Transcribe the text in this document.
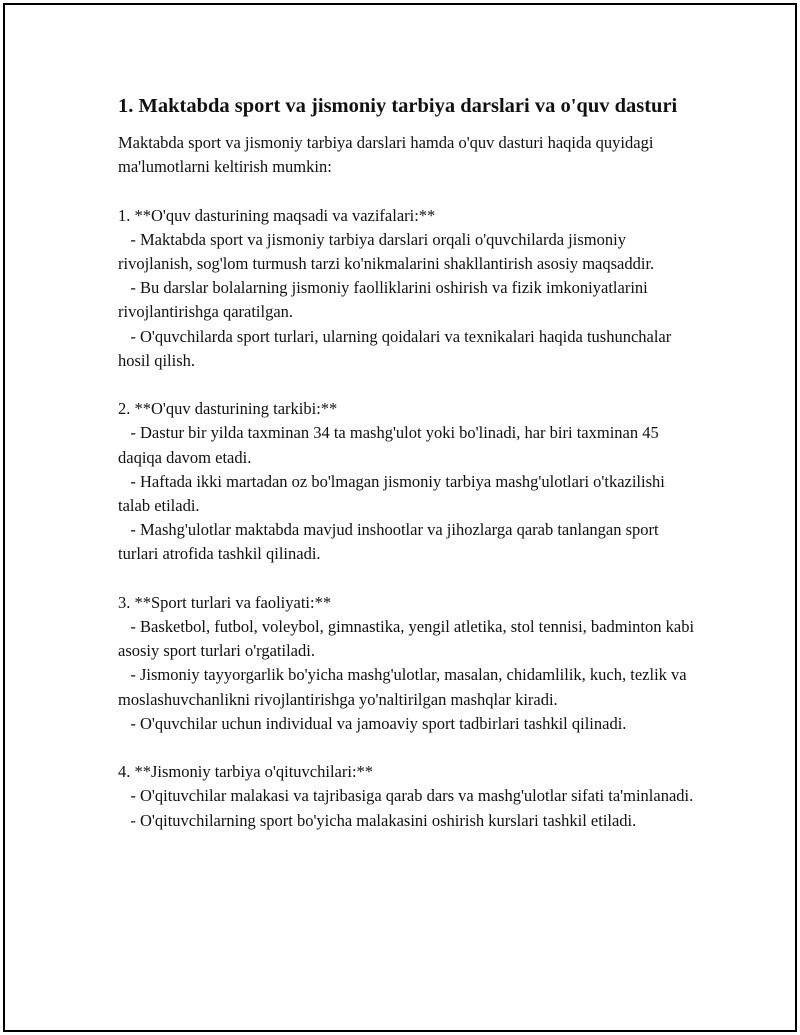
1. Maktabda sport va jismoniy tarbiya darslari va o'quv dasturi

Maktabda sport va jismoniy tarbiya darslari hamda o'quv dasturi haqida quyidagi ma'lumotlarni keltirish mumkin:

1. **O'quv dasturining maqsadi va vazifalari:**

- Maktabda sport va jismoniy tarbiya darslari orqali o'quvchilarda jismoniy rivojlanish, sog'lom turmush tarzi ko'nikmalarini shakllantirish asosiy maqsaddir.

- Bu darslar bolalarning jismoniy faolliklarini oshirish va fizik imkoniyatlarini rivojlantirishga qaratilgan.

- O'quvchilarda sport turlari, ularning qoidalari va texnikalari haqida tushunchalar hosil qilish.

2. **O'quv dasturining tarkibi:**

- Dastur bir yilda taxminan 34 ta mashg'ulot yoki bo'linadi, har biri taxminan 45 daqiqa davom etadi.

- Haftada ikki martadan oz bo'lmagan jismoniy tarbiya mashg'ulotlari o'tkazilishi talab etiladi.

- Mashg'ulotlar maktabda mavjud inshootlar va jihozlarga qarab tanlangan sport turlari atrofida tashkil qilinadi.

3. **Sport turlari va faoliyati:**

- Basketbol, futbol, voleybol, gimnastika, yengil atletika, stol tennisi, badminton kabi asosiy sport turlari o'rgatiladi.

- Jismoniy tayyorgarlik bo'yicha mashg'ulotlar, masalan, chidamlilik, kuch, tezlik va moslashuvchanlikni rivojlantirishga yo'naltirilgan mashqlar kiradi.

- O'quvchilar uchun individual va jamoaviy sport tadbirlari tashkil qilinadi.

4. **Jismoniy tarbiya o'qituvchilari:**

- O'qituvchilar malakasi va tajribasiga qarab dars va mashg'ulotlar sifati ta'minlanadi.

- O'qituvchilarning sport bo'yicha malakasini oshirish kurslari tashkil etiladi.
